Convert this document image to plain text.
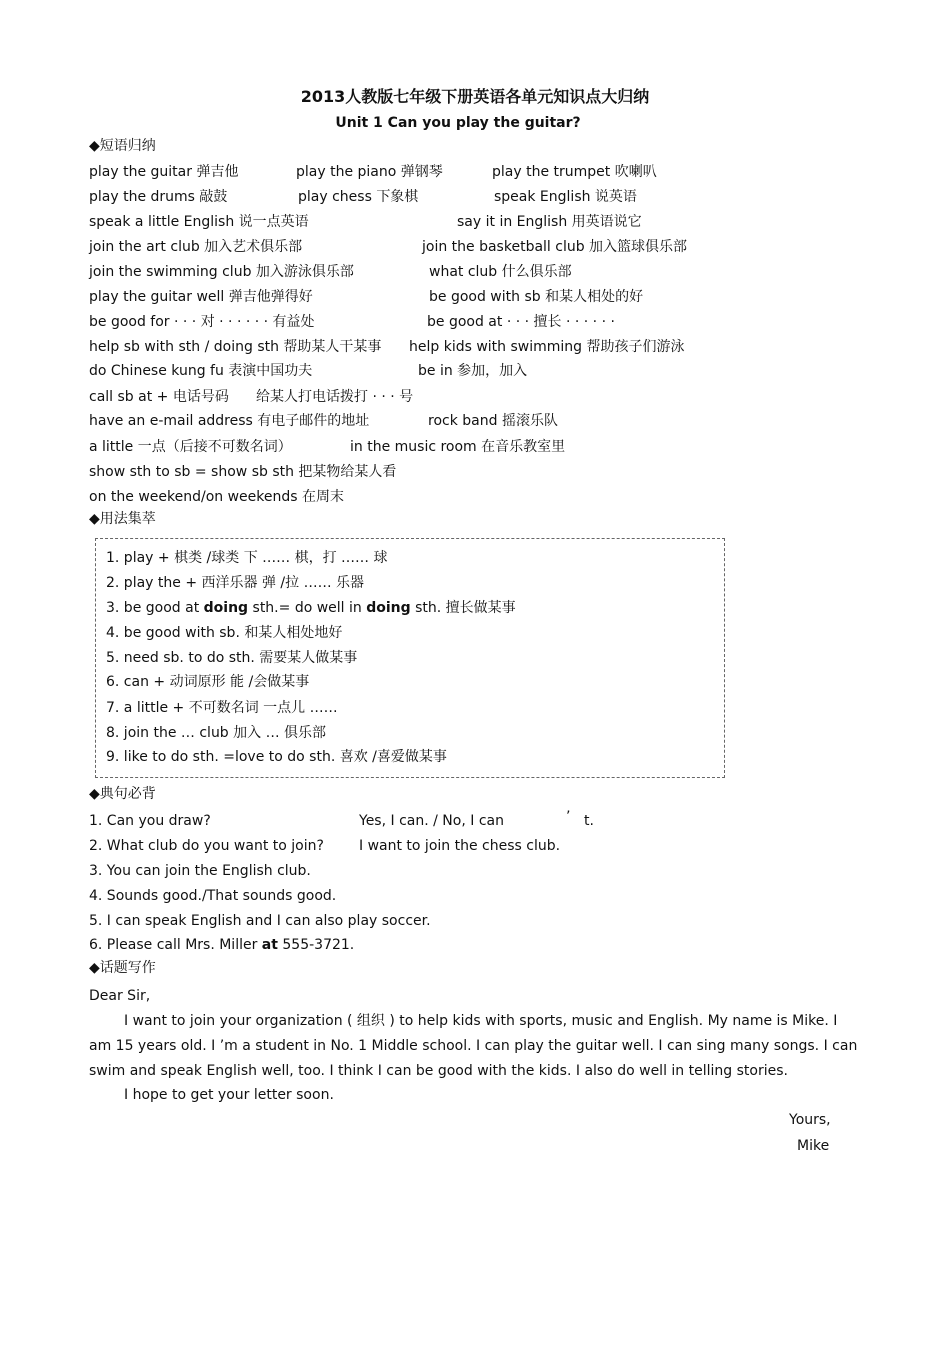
2013人教版七年级下册英语各单元知识点大归纳
Unit 1 Can you play the guitar?
◆短语归纳
play the guitar 弹吉他	play the piano 弹钢琴	play the trumpet 吹喇叭
play the drums 敲鼓	play chess 下象棋	speak English 说英语
speak a little English 说一点英语	say it in English 用英语说它
join the art club 加入艺术俱乐部	join the basketball club 加入篮球俱乐部
join the swimming club 加入游泳俱乐部	what club 什么俱乐部
play the guitar well 弹吉他弹得好	be good with sb 和某人相处的好
be good for · · · 对 · · · · · · 有益处	be good at · · · 擅长 · · · · · ·
help sb with sth / doing sth 帮助某人干某事 help kids with swimming 帮助孩子们游泳
do Chinese kung fu 表演中国功夫	be in 参加，加入
call sb at + 电话号码 给某人打电话拨打 · · · 号
have an e-mail address 有电子邮件的地址	rock band 摇滚乐队
a little 一点（后接不可数名词）	in the music room 在音乐教室里
show sth to sb = show sb sth 把某物给某人看
on the weekend/on weekends 在周末
◆用法集萃
1. play + 棋类 /球类 下 …… 棋，打 …… 球
2. play the + 西洋乐器 弹 /拉 …… 乐器
3. be good at doing sth.= do well in doing sth. 擅长做某事
4. be good with sb. 和某人相处地好
5. need sb. to do sth. 需要某人做某事
6. can + 动词原形 能 /会做某事
7. a little + 不可数名词 一点儿 ……
8. join the … club 加入 … 俱乐部
9. like to do sth. =love to do sth. 喜欢 /喜爱做某事
◆典句必背
1. Can you draw?	Yes, I can. / No, I can	’ t.
2. What club do you want to join?	I want to join the chess club.
3. You can join the English club.
4. Sounds good./That sounds good.
5. I can speak English and I can also play soccer.
6. Please call Mrs. Miller at 555-3721.
◆话题写作
Dear Sir,
I want to join your organization ( 组织 ) to help kids with sports, music and English. My name is Mike. I
am 15 years old. I ’m a student in No. 1 Middle school. I can play the guitar well. I can sing many songs. I can
swim and speak English well, too. I think I can be good with the kids. I also do well in telling stories.
I hope to get your letter soon.
Yours,
Mike
